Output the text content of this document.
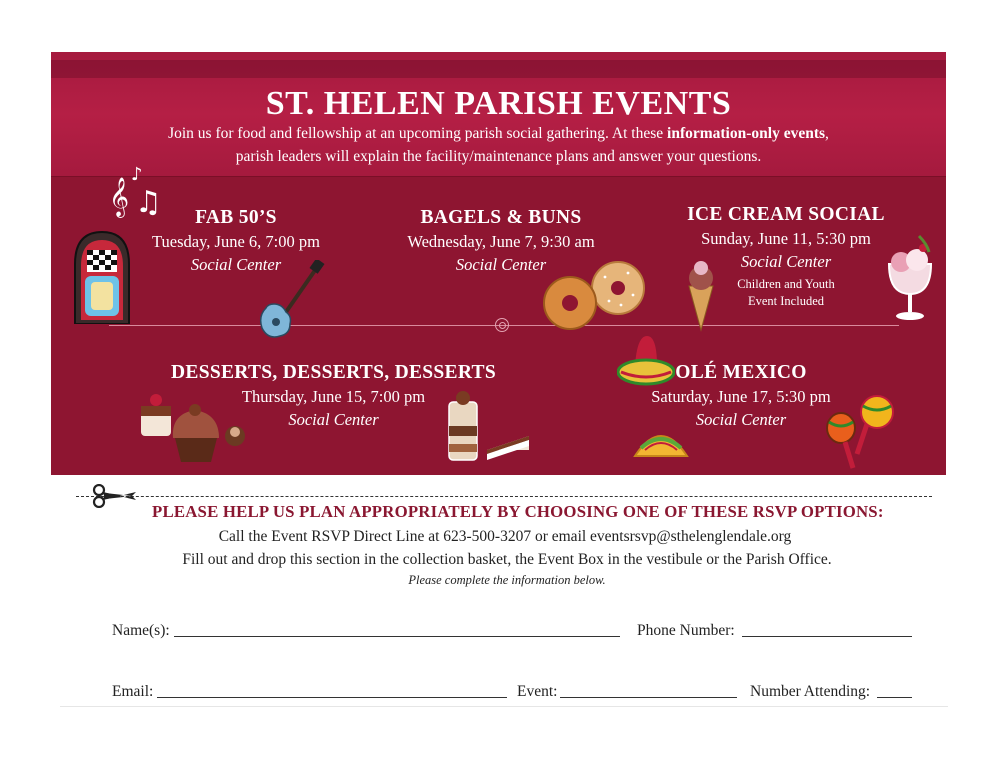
ST. HELEN PARISH EVENTS
Join us for food and fellowship at an upcoming parish social gathering. At these information-only events,
parish leaders will explain the facility/maintenance plans and answer your questions.
FAB 50’S
Tuesday, June 6, 7:00 pm
Social Center
BAGELS & BUNS
Wednesday, June 7, 9:30 am
Social Center
ICE CREAM SOCIAL
Sunday, June 11, 5:30 pm
Social Center
Children and Youth
Event Included
DESSERTS, DESSERTS, DESSERTS
Thursday, June 15, 7:00 pm
Social Center
OLÉ MEXICO
Saturday, June 17, 5:30 pm
Social Center
𝄞 ♫
♪
PLEASE HELP US PLAN APPROPRIATELY BY CHOOSING ONE OF THESE RSVP OPTIONS:
Call the Event RSVP Direct Line at 623-500-3207 or email eventsrsvp@sthelenglendale.org
Fill out and drop this section in the collection basket, the Event Box in the vestibule or the Parish Office.
Please complete the information below.
Name(s):	Phone Number:
Email:	Event:	Number Attending:
